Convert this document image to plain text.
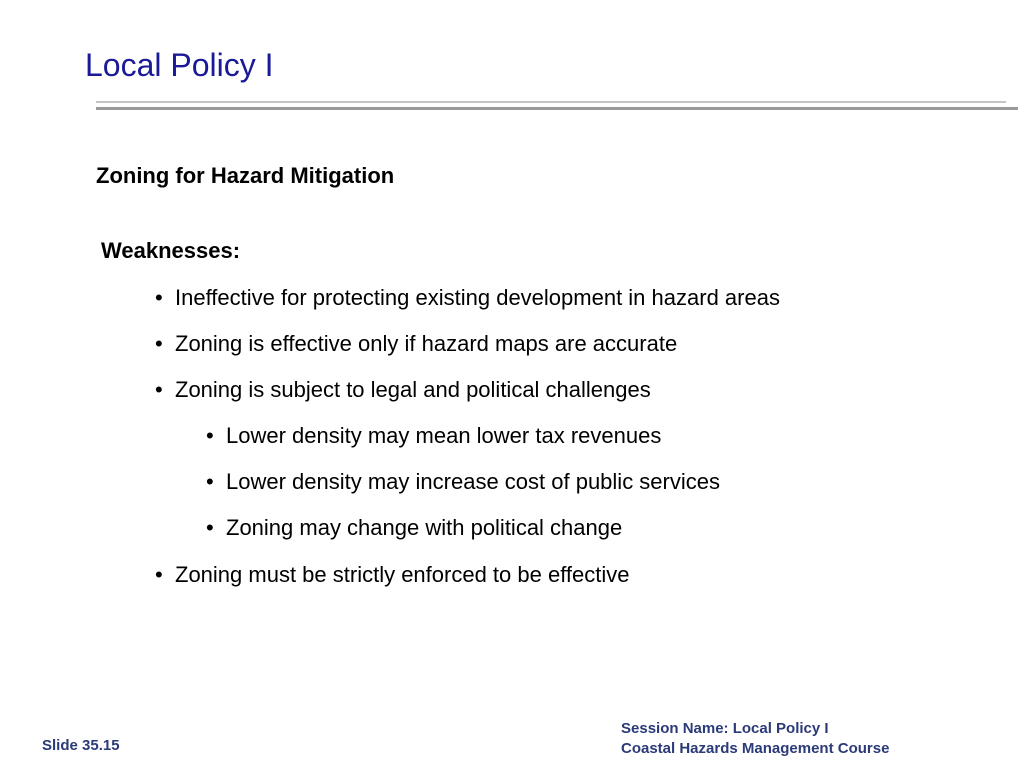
Local Policy I
Zoning for Hazard Mitigation
Weaknesses:
• Ineffective for protecting existing development in hazard areas
• Zoning is effective only if hazard maps are accurate
• Zoning is subject to legal and political challenges
• Lower density may mean lower tax revenues
• Lower density may increase cost of public services
• Zoning may change with political change
• Zoning must be strictly enforced to be effective
Slide 35.15
Session Name: Local Policy I
Coastal Hazards Management Course
